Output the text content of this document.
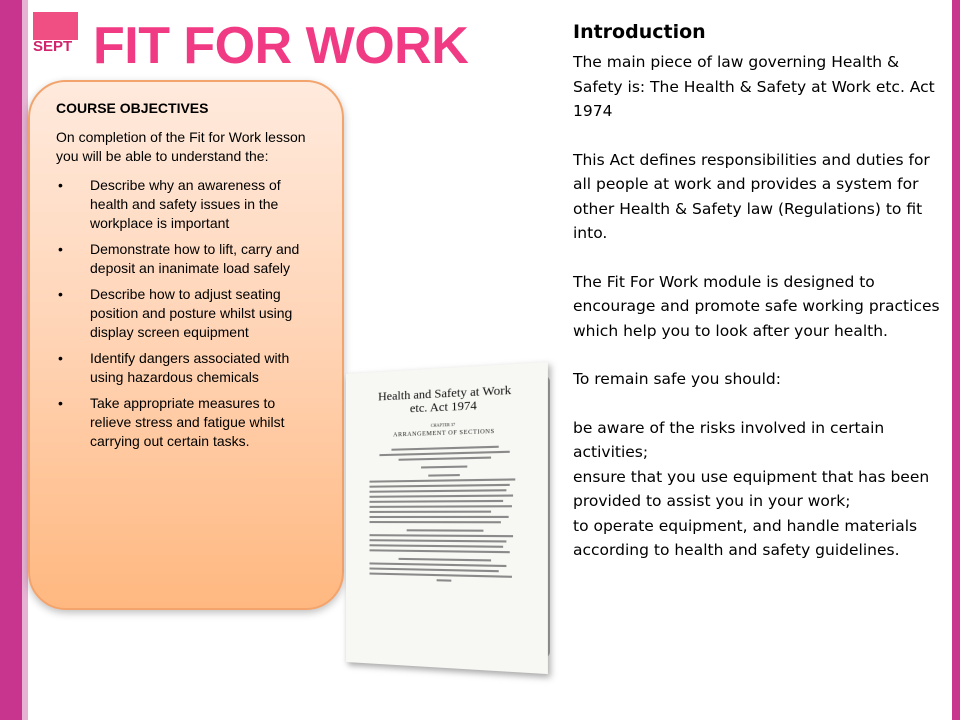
SEPT FIT FOR WORK

COURSE OBJECTIVES

On completion of the Fit for Work lesson you will be able to understand the:

• Describe why an awareness of health and safety issues in the workplace is important
• Demonstrate how to lift, carry and deposit an inanimate load safely
• Describe how to adjust seating position and posture whilst using display screen equipment
• Identify dangers associated with using hazardous chemicals
• Take appropriate measures to relieve stress and fatigue whilst carrying out certain tasks.
Health and Safety at Work etc. Act 1974
CHAPTER 37
ARRANGEMENT OF SECTIONS

Introduction

The main piece of law governing Health & Safety is: The Health & Safety at Work etc. Act 1974

This Act defines responsibilities and duties for all people at work and provides a system for other Health & Safety law (Regulations) to fit into.

The Fit For Work module is designed to encourage and promote safe working practices which help you to look after your health.

To remain safe you should:

be aware of the risks involved in certain activities;

ensure that you use equipment that has been provided to assist you in your work;

to operate equipment, and handle materials according to health and safety guidelines.
